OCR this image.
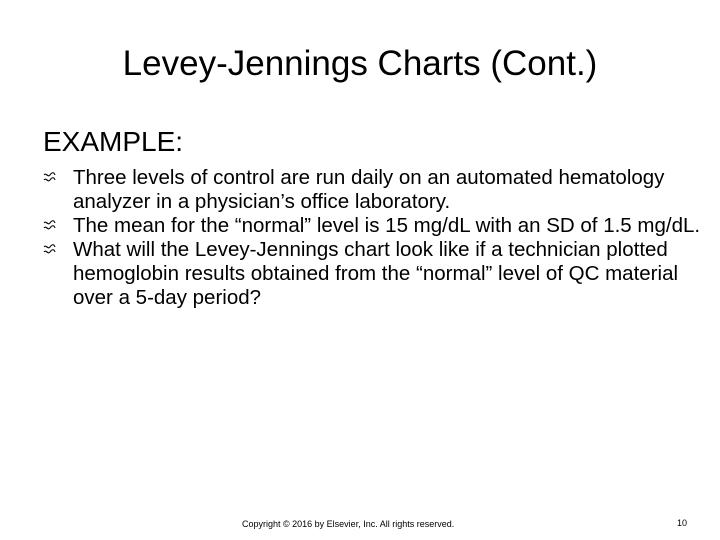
Levey-Jennings Charts (Cont.)
EXAMPLE:
Three levels of control are run daily on an automated hematology analyzer in a physician’s office laboratory.
The mean for the “normal” level is 15 mg/dL with an SD of 1.5 mg/dL.
What will the Levey-Jennings chart look like if a technician plotted hemoglobin results obtained from the “normal” level of QC material over a 5-day period?
Copyright © 2016 by Elsevier, Inc. All rights reserved.	10
